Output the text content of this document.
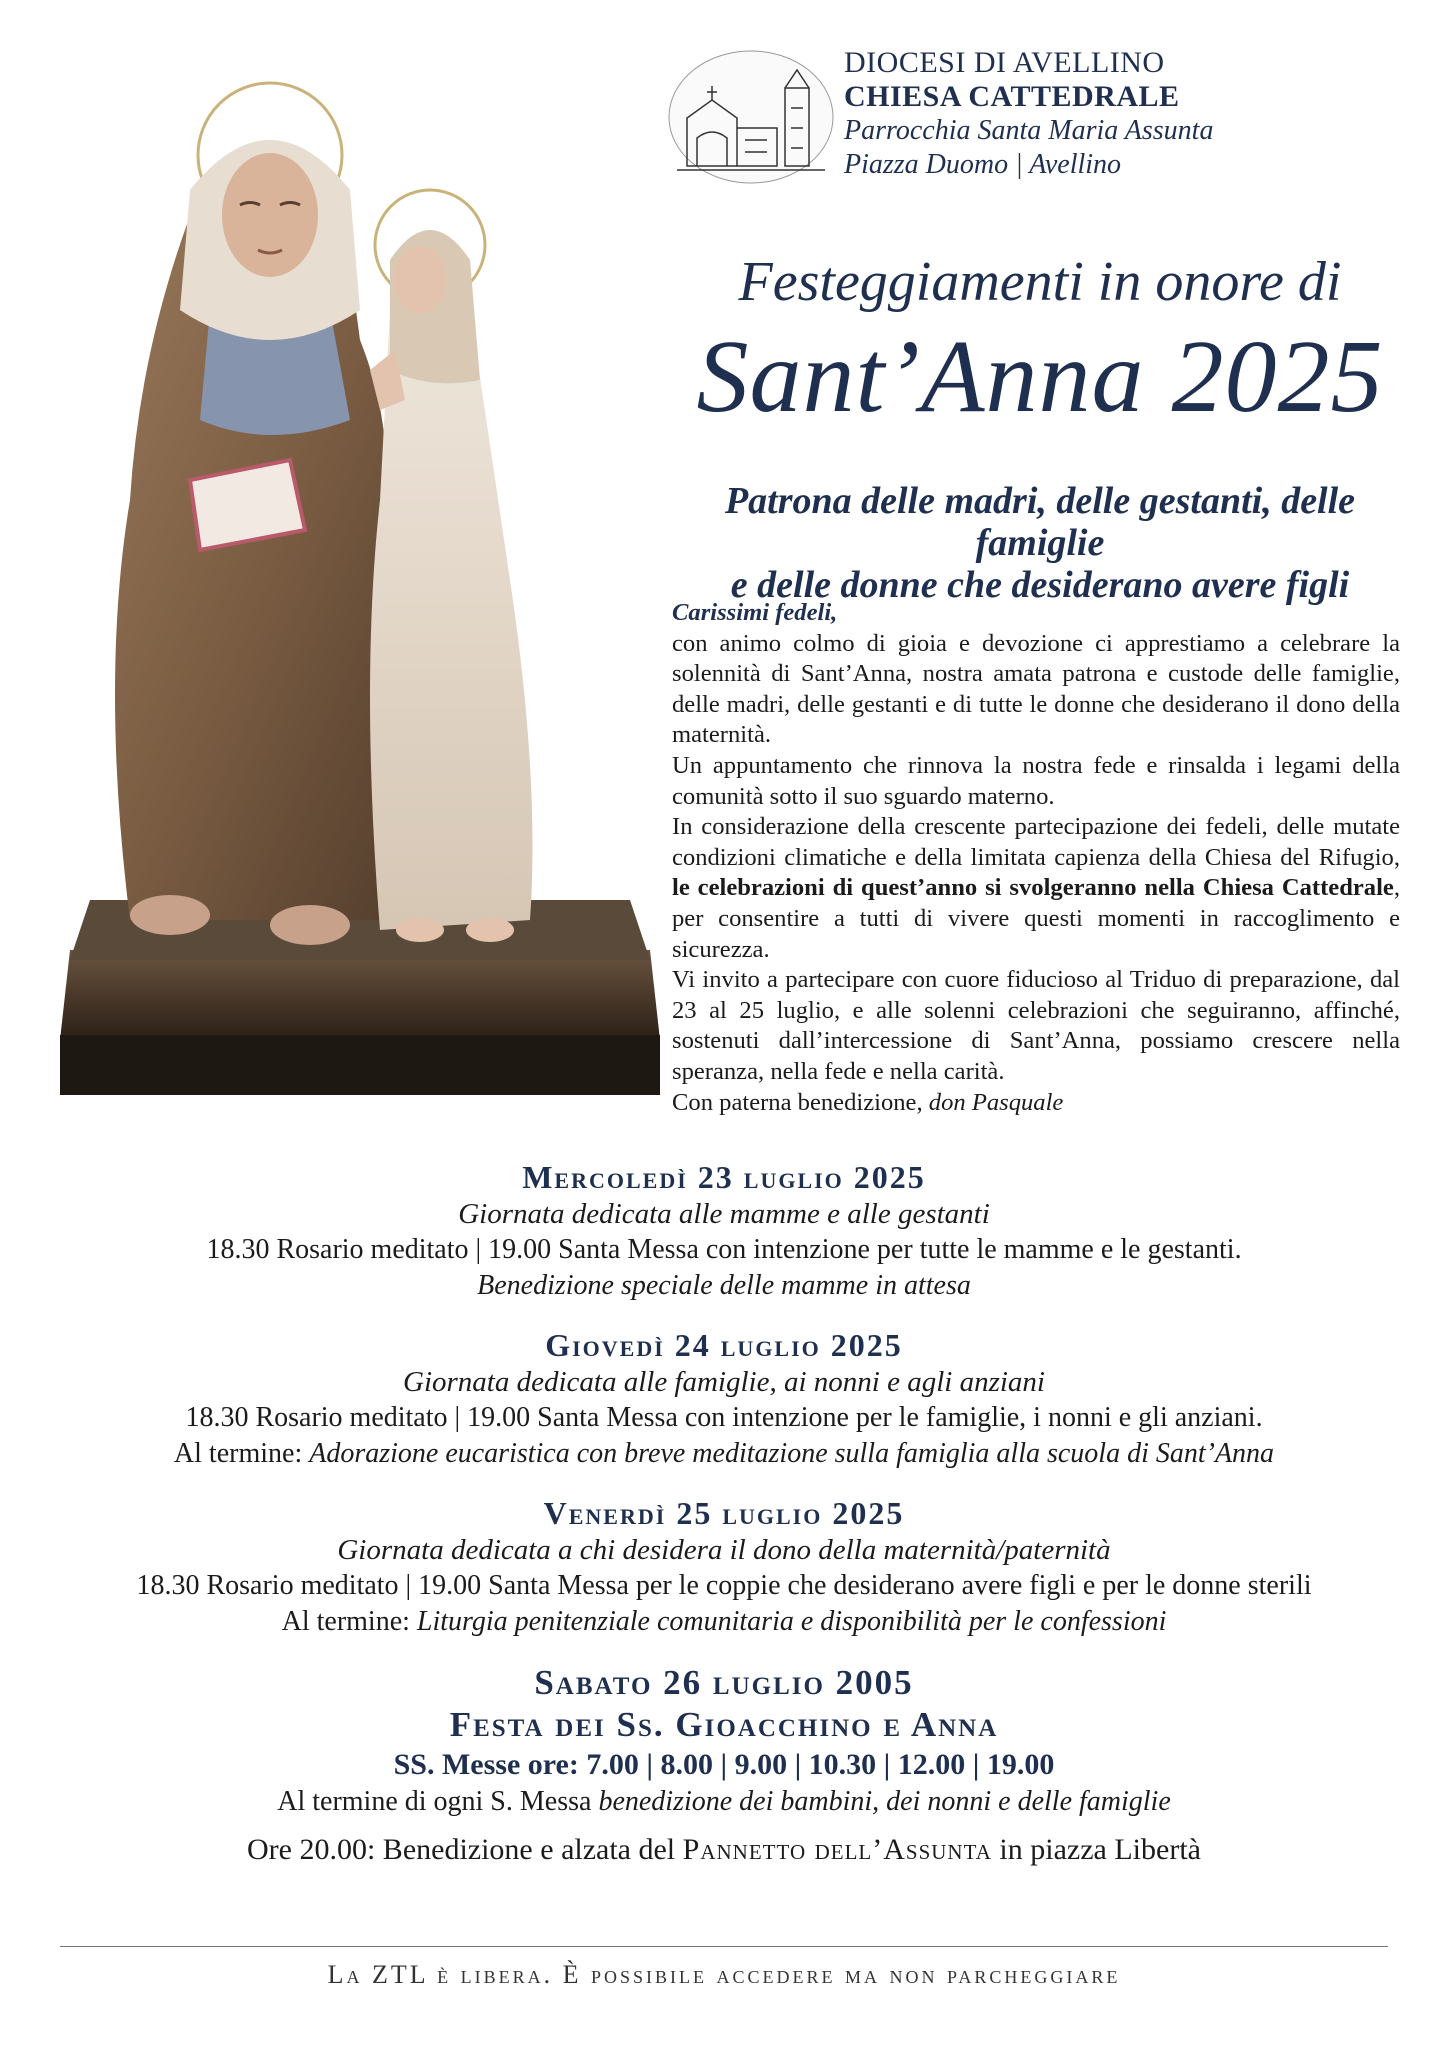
DIOCESI DI AVELLINO
CHIESA CATTEDRALE
Parrocchia Santa Maria Assunta
Piazza Duomo | Avellino
Festeggiamenti in onore di
Sant’Anna 2025
Patrona delle madri, delle gestanti, delle famiglie
e delle donne che desiderano avere figli

Carissimi fedeli,

con animo colmo di gioia e devozione ci apprestiamo a celebrare la solennità di Sant’Anna, nostra amata patrona e custode delle famiglie, delle madri, delle gestanti e di tutte le donne che desiderano il dono della maternità.

Un appuntamento che rinnova la nostra fede e rinsalda i legami della comunità sotto il suo sguardo materno.

In considerazione della crescente partecipazione dei fedeli, delle mutate condizioni climatiche e della limitata capienza della Chiesa del Rifugio, le celebrazioni di quest’anno si svolgeranno nella Chiesa Cattedrale, per consentire a tutti di vivere questi momenti in raccoglimento e sicurezza.

Vi invito a partecipare con cuore fiducioso al Triduo di preparazione, dal 23 al 25 luglio, e alle solenni celebrazioni che seguiranno, affinché, sostenuti dall’intercessione di Sant’Anna, possiamo crescere nella speranza, nella fede e nella carità.

Con paterna benedizione, don Pasquale

Mercoledì 23 luglio 2025
Giornata dedicata alle mamme e alle gestanti
18.30 Rosario meditato | 19.00 Santa Messa con intenzione per tutte le mamme e le gestanti.
Benedizione speciale delle mamme in attesa
Giovedì 24 luglio 2025
Giornata dedicata alle famiglie, ai nonni e agli anziani
18.30 Rosario meditato | 19.00 Santa Messa con intenzione per le famiglie, i nonni e gli anziani.
Al termine: Adorazione eucaristica con breve meditazione sulla famiglia alla scuola di Sant’Anna
Venerdì 25 luglio 2025
Giornata dedicata a chi desidera il dono della maternità/paternità
18.30 Rosario meditato | 19.00 Santa Messa per le coppie che desiderano avere figli e per le donne sterili
Al termine: Liturgia penitenziale comunitaria e disponibilità per le confessioni
Sabato 26 luglio 2005
Festa dei Ss. Gioacchino e Anna
SS. Messe ore: 7.00 | 8.00 | 9.00 | 10.30 | 12.00 | 19.00
Al termine di ogni S. Messa benedizione dei bambini, dei nonni e delle famiglie
Ore 20.00: Benedizione e alzata del Pannetto dell’Assunta in piazza Libertà
La ZTL è libera. È possibile accedere ma non parcheggiare
